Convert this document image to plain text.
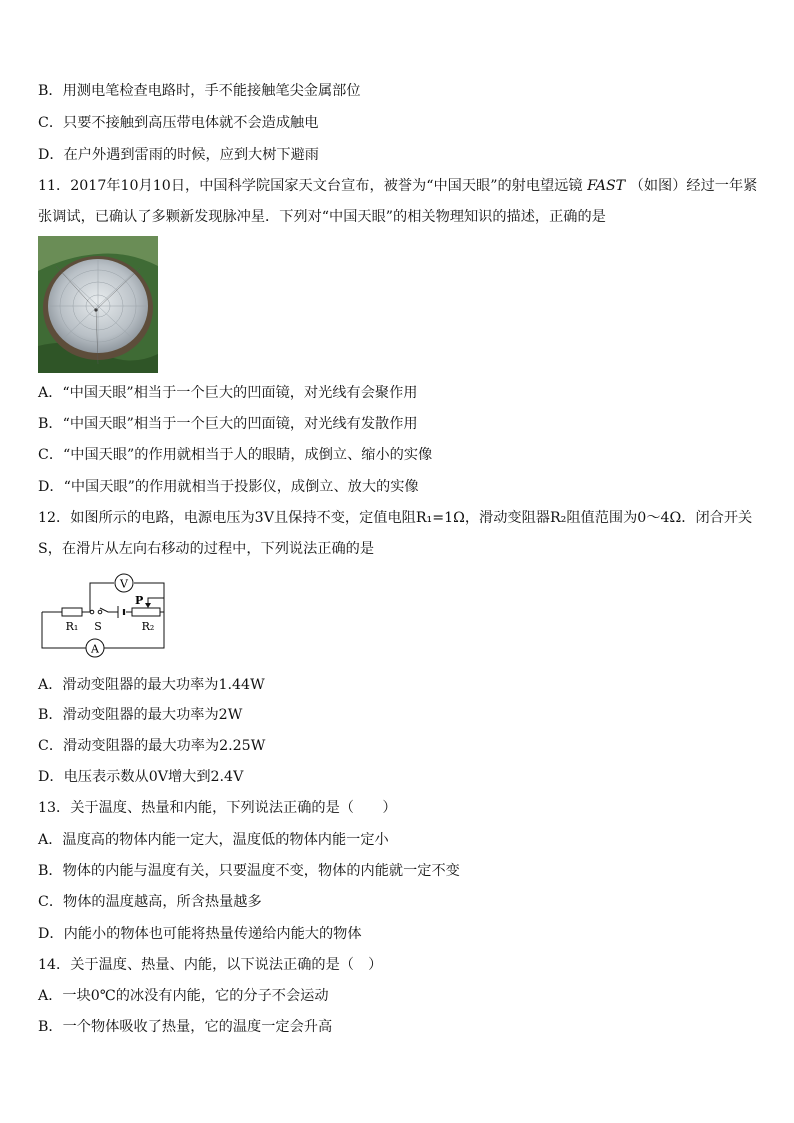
B．用测电笔检查电路时，手不能接触笔尖金属部位
C．只要不接触到高压带电体就不会造成触电
D．在户外遇到雷雨的时候，应到大树下避雨
11．2017年10月10日，中国科学院国家天文台宣布，被誉为“中国天眼”的射电望远镜 FAST （如图）经过一年紧
张调试，已确认了多颗新发现脉冲星．下列对“中国天眼”的相关物理知识的描述，正确的是
A．“中国天眼”相当于一个巨大的凹面镜，对光线有会聚作用
B．“中国天眼”相当于一个巨大的凹面镜，对光线有发散作用
C．“中国天眼”的作用就相当于人的眼睛，成倒立、缩小的实像
D．“中国天眼”的作用就相当于投影仪，成倒立、放大的实像
12．如图所示的电路，电源电压为3V且保持不变，定值电阻R₁=1Ω，滑动变阻器R₂阻值范围为0～4Ω．闭合开关
S，在滑片从左向右移动的过程中，下列说法正确的是
V
A
P
S
R₁	R₂
A．滑动变阻器的最大功率为1.44W
B．滑动变阻器的最大功率为2W
C．滑动变阻器的最大功率为2.25W
D．电压表示数从0V增大到2.4V
13．关于温度、热量和内能，下列说法正确的是（　　）
A．温度高的物体内能一定大，温度低的物体内能一定小
B．物体的内能与温度有关，只要温度不变，物体的内能就一定不变
C．物体的温度越高，所含热量越多
D．内能小的物体也可能将热量传递给内能大的物体
14．关于温度、热量、内能，以下说法正确的是（　）
A．一块0℃的冰没有内能，它的分子不会运动
B．一个物体吸收了热量，它的温度一定会升高
